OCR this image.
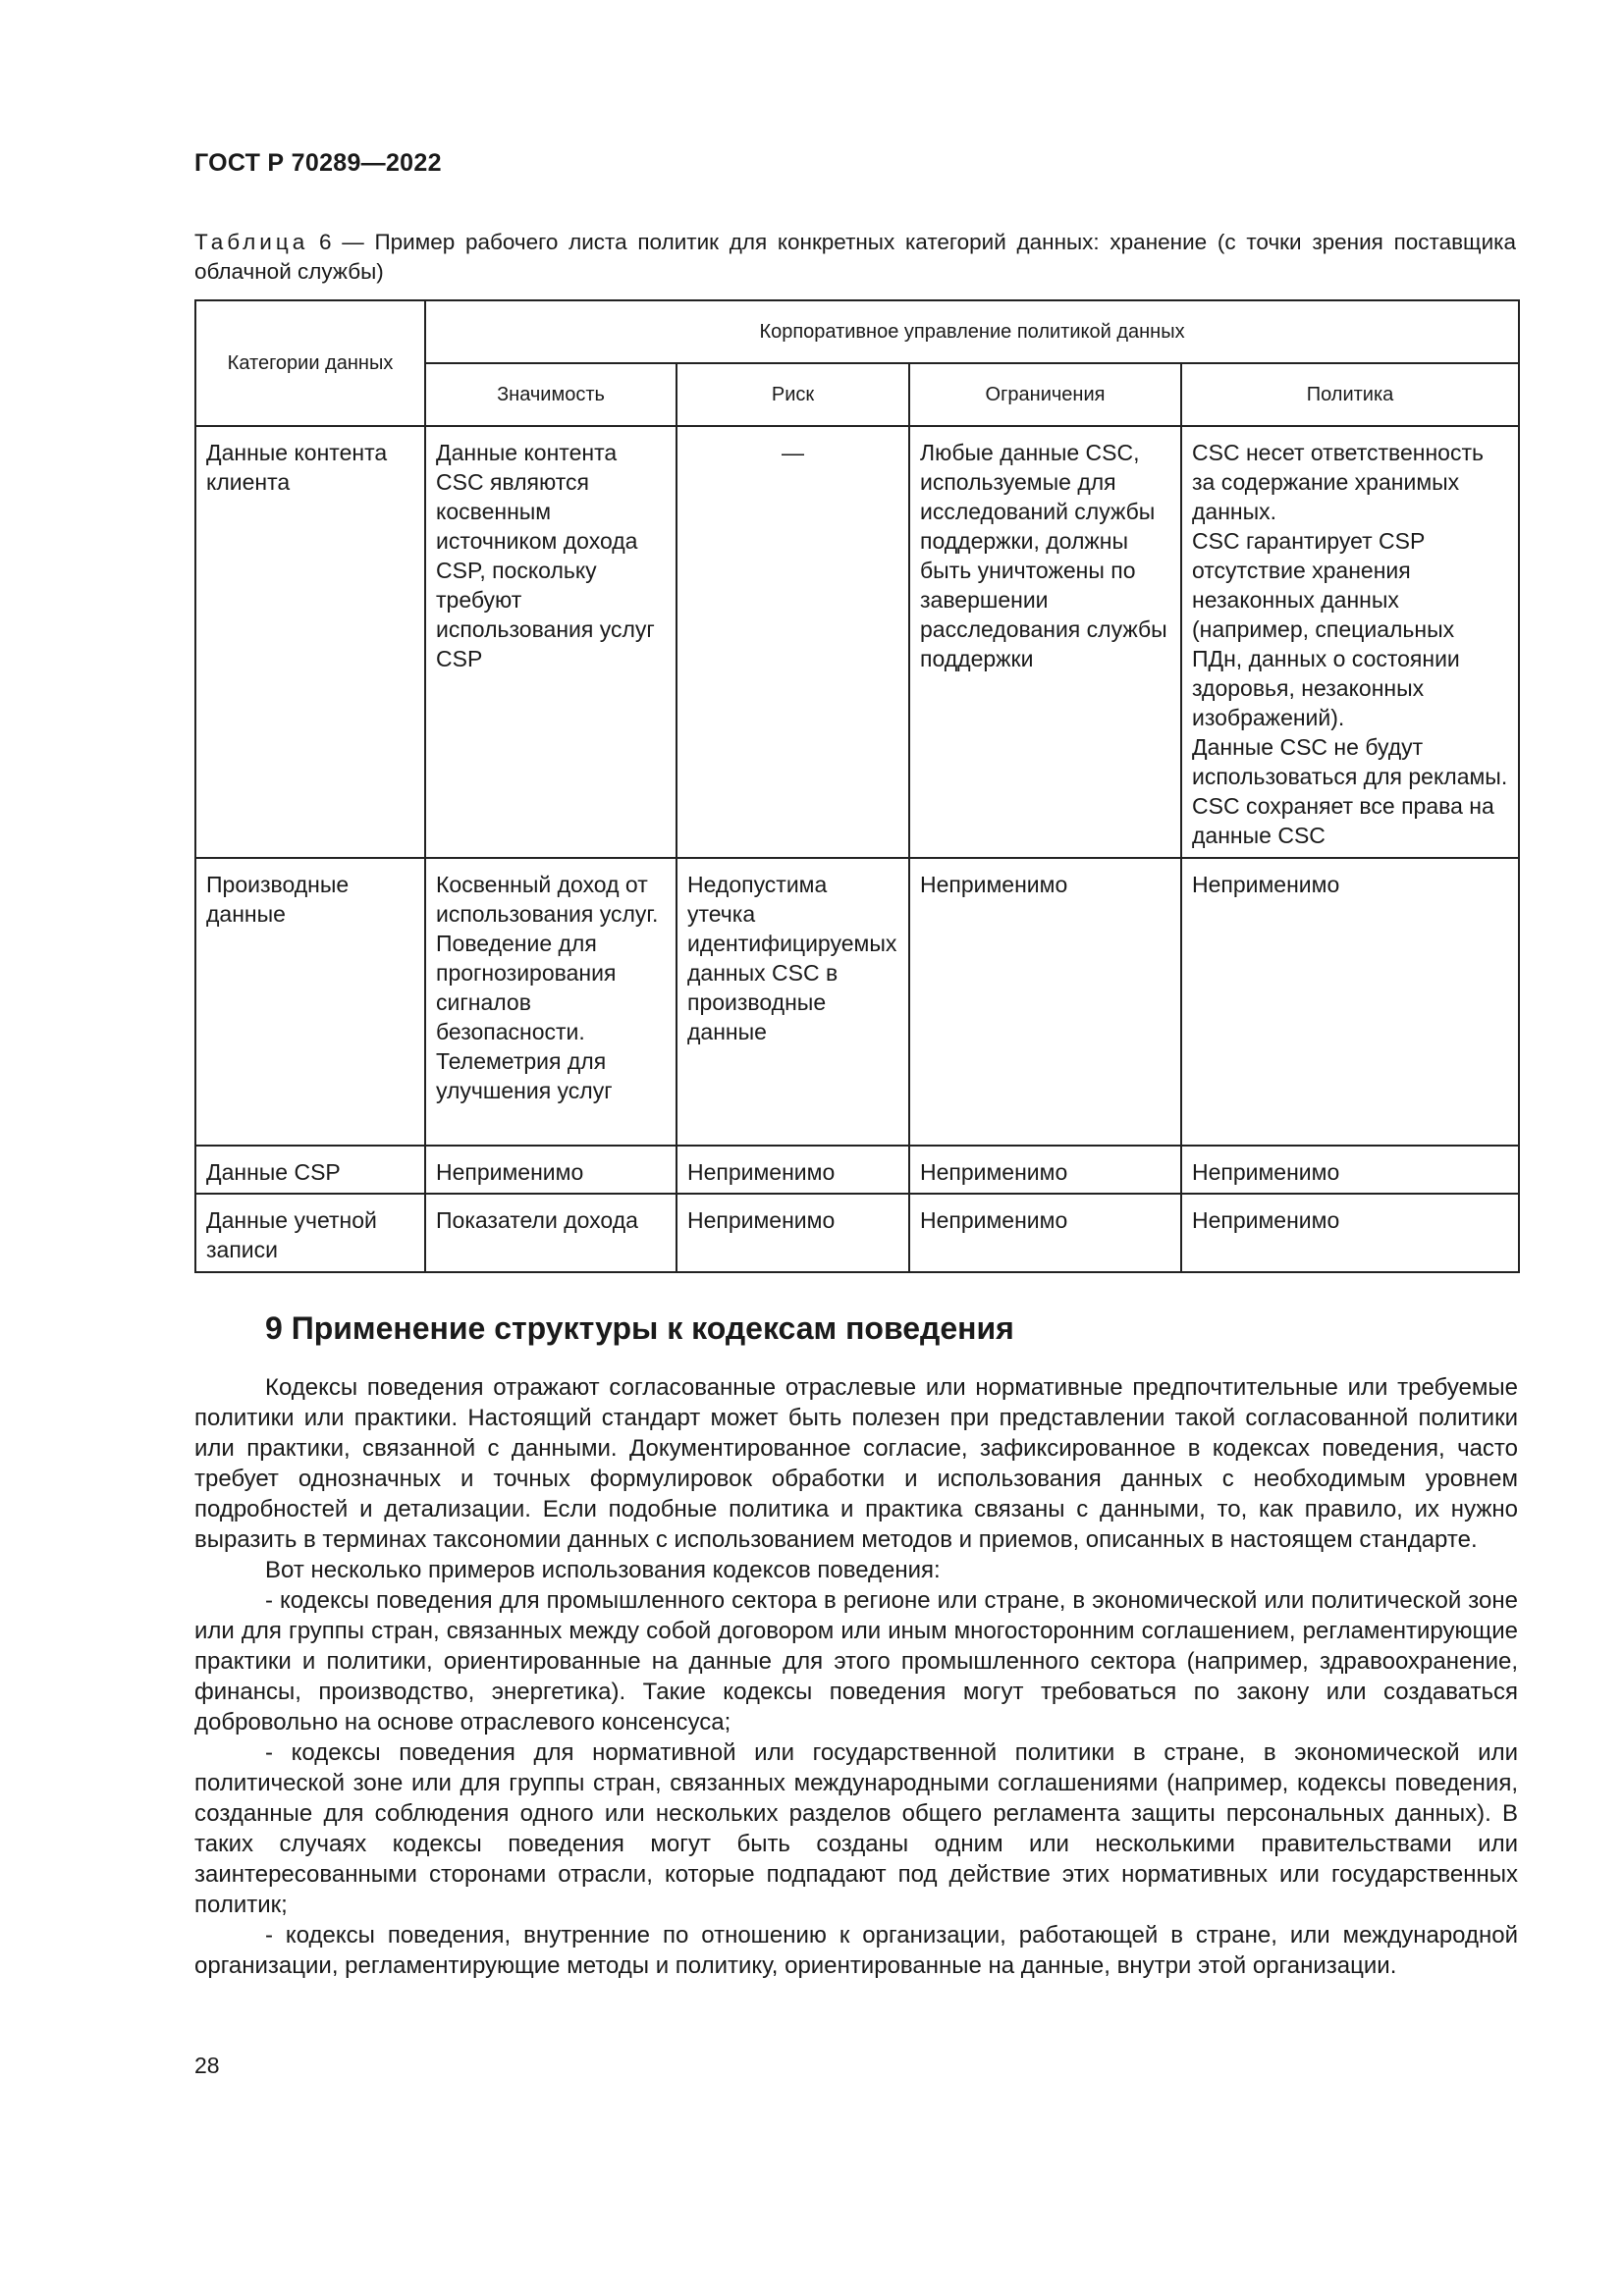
ГОСТ Р 70289—2022
Таблица 6 — Пример рабочего листа политик для конкретных категорий данных: хранение (с точки зрения поставщика облачной службы)
Категории данных	Корпоративное управление политикой данных			
	Значимость	Риск	Ограничения	Политика
Данные контента клиента	Данные контента CSC являются косвенным источником дохода CSP, поскольку требуют использования услуг CSP	—	Любые данные CSC, используемые для исследований службы поддержки, должны быть уничтожены по завершении расследования службы поддержки	CSC несет ответственность за содержание хранимых данных.
CSC гарантирует CSP отсутствие хранения незаконных данных (например, специальных ПДн, данных о состоянии здоровья, незаконных изображений).
Данные CSC не будут использоваться для рекламы.
CSC сохраняет все права на данные CSC
Производные данные	Косвенный доход от использования услуг.
Поведение для прогнозирования сигналов безопасности.
Телеметрия для улучшения услуг	Недопустима утечка идентифицируемых данных CSC в производные данные	Неприменимо	Неприменимо
Данные CSP	Неприменимо	Неприменимо	Неприменимо	Неприменимо
Данные учетной записи	Показатели дохода	Неприменимо	Неприменимо	Неприменимо
9 Применение структуры к кодексам поведения

Кодексы поведения отражают согласованные отраслевые или нормативные предпочтительные или требуемые политики или практики. Настоящий стандарт может быть полезен при представлении такой согласованной политики или практики, связанной с данными. Документированное согласие, зафиксированное в кодексах поведения, часто требует однозначных и точных формулировок обработки и использования данных с необходимым уровнем подробностей и детализации. Если подобные политика и практика связаны с данными, то, как правило, их нужно выразить в терминах таксономии данных с использованием методов и приемов, описанных в настоящем стандарте.

Вот несколько примеров использования кодексов поведения:

- кодексы поведения для промышленного сектора в регионе или стране, в экономической или политической зоне или для группы стран, связанных между собой договором или иным многосторонним соглашением, регламентирующие практики и политики, ориентированные на данные для этого промышленного сектора (например, здравоохранение, финансы, производство, энергетика). Такие кодексы поведения могут требоваться по закону или создаваться добровольно на основе отраслевого консенсуса;

- кодексы поведения для нормативной или государственной политики в стране, в экономической или политической зоне или для группы стран, связанных международными соглашениями (например, кодексы поведения, созданные для соблюдения одного или нескольких разделов общего регламента защиты персональных данных). В таких случаях кодексы поведения могут быть созданы одним или несколькими правительствами или заинтересованными сторонами отрасли, которые подпадают под действие этих нормативных или государственных политик;

- кодексы поведения, внутренние по отношению к организации, работающей в стране, или международной организации, регламентирующие методы и политику, ориентированные на данные, внутри этой организации.

28
